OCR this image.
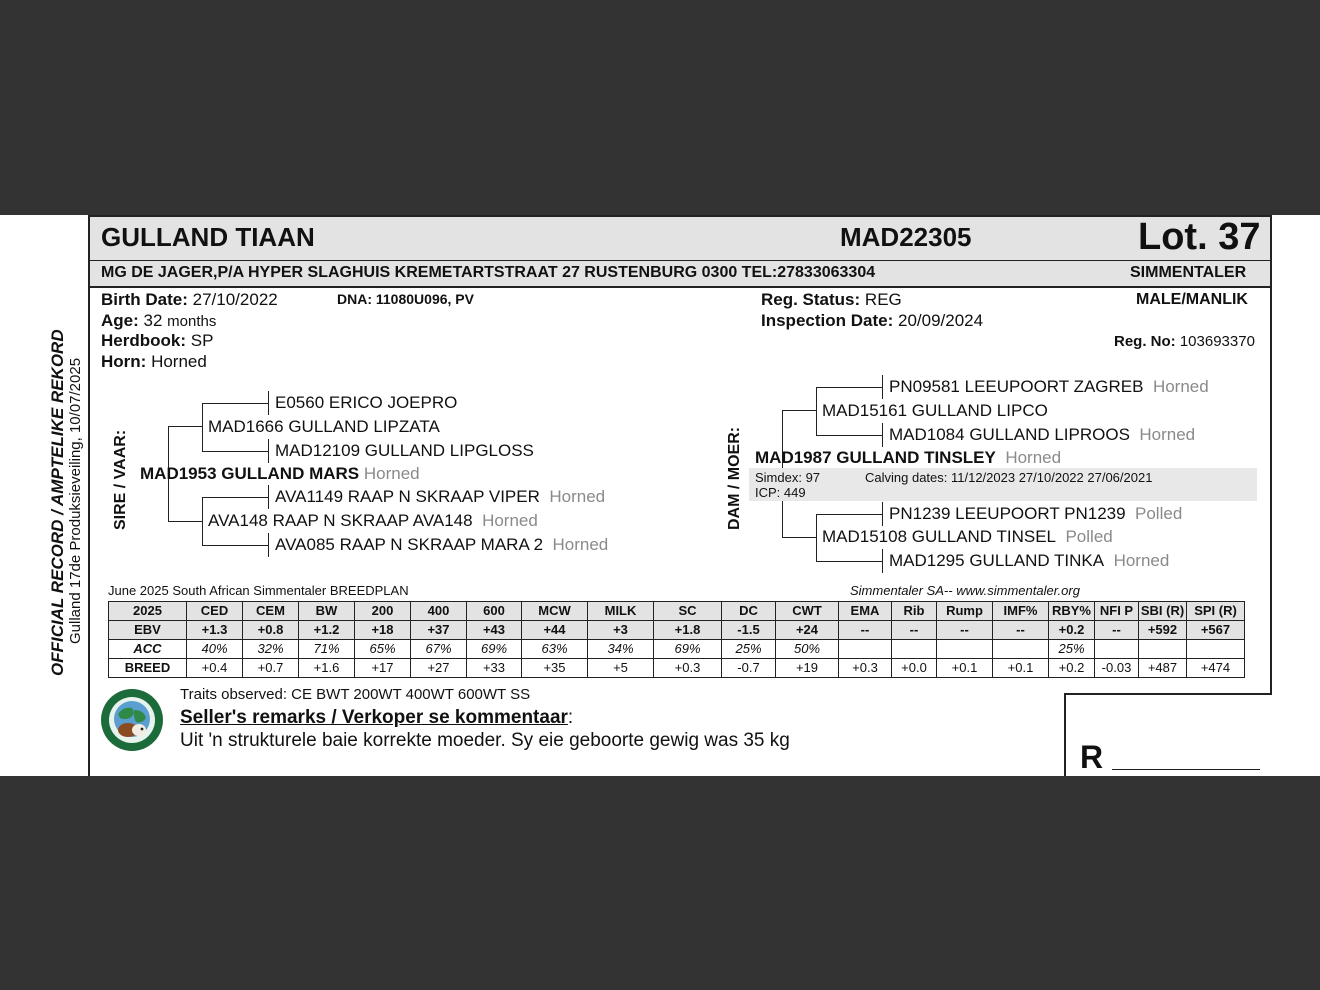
GULLAND TIAAN	MAD22305	Lot. 37
MG DE JAGER,P/A HYPER SLAGHUIS KREMETARTSTRAAT 27 RUSTENBURG 0300 TEL:27833063304	SIMMENTALER
Birth Date: 27/10/2022	DNA: 11080U096, PV
Age: 32 months
Herdbook: SP
Horn: Horned
Reg. Status: REG
Inspection Date: 20/09/2024
MALE/MANLIK
Reg. No: 103693370
OFFICIAL RECORD / AMPTELIKE REKORD Gulland 17de Produksieveiling, 10/07/2025 SIRE / VAAR:	DAM / MOER:
E0560 ERICO JOEPRO
MAD1666 GULLAND LIPZATA
MAD12109 GULLAND LIPGLOSS
MAD1953 GULLAND MARS Horned
AVA1149 RAAP N SKRAAP VIPER Horned
AVA148 RAAP N SKRAAP AVA148 Horned
AVA085 RAAP N SKRAAP MARA 2 Horned
Simdex: 97
ICP: 449
Calving dates: 11/12/2023 27/10/2022 27/06/2021
PN09581 LEEUPOORT ZAGREB Horned
MAD15161 GULLAND LIPCO
MAD1084 GULLAND LIPROOS Horned
MAD1987 GULLAND TINSLEY Horned
PN1239 LEEUPOORT PN1239 Polled
MAD15108 GULLAND TINSEL Polled
MAD1295 GULLAND TINKA Horned
June 2025 South African Simmentaler BREEDPLAN	Simmentaler SA-- www.simmentaler.org
2025	CED	CEM	BW	200	400	600	MCW	MILK	SC	DC	CWT	EMA	Rib	Rump	IMF%	RBY%	NFI P	SBI (R)	SPI (R)
EBV	+1.3	+0.8	+1.2	+18	+37	+43	+44	+3	+1.8	-1.5	+24	--	--	--	--	+0.2	--	+592	+567
ACC	40%	32%	71%	65%	67%	69%	63%	34%	69%	25%	50%					25%			
BREED	+0.4	+0.7	+1.6	+17	+27	+33	+35	+5	+0.3	-0.7	+19	+0.3	+0.0	+0.1	+0.1	+0.2	-0.03	+487	+474
Traits observed: CE BWT 200WT 400WT 600WT SS
Seller's remarks / Verkoper se kommentaar:
Uit 'n strukturele baie korrekte moeder. Sy eie geboorte gewig was 35 kg	R
